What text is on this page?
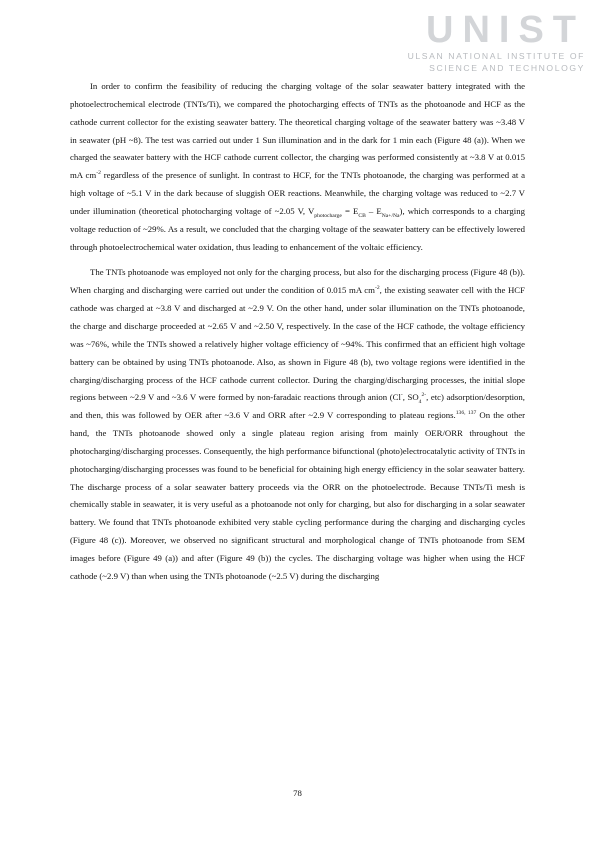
UNIST
ULSAN NATIONAL INSTITUTE OF
SCIENCE AND TECHNOLOGY

In order to confirm the feasibility of reducing the charging voltage of the solar seawater battery integrated with the photoelectrochemical electrode (TNTs/Ti), we compared the photocharging effects of TNTs as the photoanode and HCF as the cathode current collector for the existing seawater battery. The theoretical charging voltage of the seawater battery was ~3.48 V in seawater (pH ~8). The test was carried out under 1 Sun illumination and in the dark for 1 min each (Figure 48 (a)). When we charged the seawater battery with the HCF cathode current collector, the charging was performed consistently at ~3.8 V at 0.015 mA $cm^{-2}$ regardless of the presence of sunlight. In contrast to HCF, for the TNTs photoanode, the charging was performed at a high voltage of ~5.1 V in the dark because of sluggish OER reactions. Meanwhile, the charging voltage was reduced to ~2.7 V under illumination (theoretical photocharging voltage of ~2.05 V, $V_{photocharge} = E_{CB} - E_{Na+/Na}$), which corresponds to a charging voltage reduction of ~29%. As a result, we concluded that the charging voltage of the seawater battery can be effectively lowered through photoelectrochemical water oxidation, thus leading to enhancement of the voltaic efficiency.

The TNTs photoanode was employed not only for the charging process, but also for the discharging process (Figure 48 (b)). When charging and discharging were carried out under the condition of 0.015 mA $cm^{-2}$, the existing seawater cell with the HCF cathode was charged at ~3.8 V and discharged at ~2.9 V. On the other hand, under solar illumination on the TNTs photoanode, the charge and discharge proceeded at ~2.65 V and ~2.50 V, respectively. In the case of the HCF cathode, the voltage efficiency was ~76%, while the TNTs showed a relatively higher voltage efficiency of ~94%. This confirmed that an efficient high voltage battery can be obtained by using TNTs photoanode. Also, as shown in Figure 48 (b), two voltage regions were identified in the charging/discharging process of the HCF cathode current collector. During the charging/discharging processes, the initial slope regions between ~2.9 V and ~3.6 V were formed by non-faradaic reactions through anion (Cl-, $SO_4^{2-}$, etc) adsorption/desorption, and then, this was followed by OER after ~3.6 V and ORR after ~2.9 V corresponding to plateau regions.$^{136, 137}$ On the other hand, the TNTs photoanode showed only a single plateau region arising from mainly OER/ORR throughout the photocharging/discharging processes. Consequently, the high performance bifunctional (photo)electrocatalytic activity of TNTs in photocharging/discharging processes was found to be beneficial for obtaining high energy efficiency in the solar seawater battery. The discharge process of a solar seawater battery proceeds via the ORR on the photoelectrode. Because TNTs/Ti mesh is chemically stable in seawater, it is very useful as a photoanode not only for charging, but also for discharging in a solar seawater battery. We found that TNTs photoanode exhibited very stable cycling performance during the charging and discharging cycles (Figure 48 (c)). Moreover, we observed no significant structural and morphological change of TNTs photoanode from SEM images before (Figure 49 (a)) and after (Figure 49 (b)) the cycles. The discharging voltage was higher when using the HCF cathode (~2.9 V) than when using the TNTs photoanode (~2.5 V) during the discharging

78
